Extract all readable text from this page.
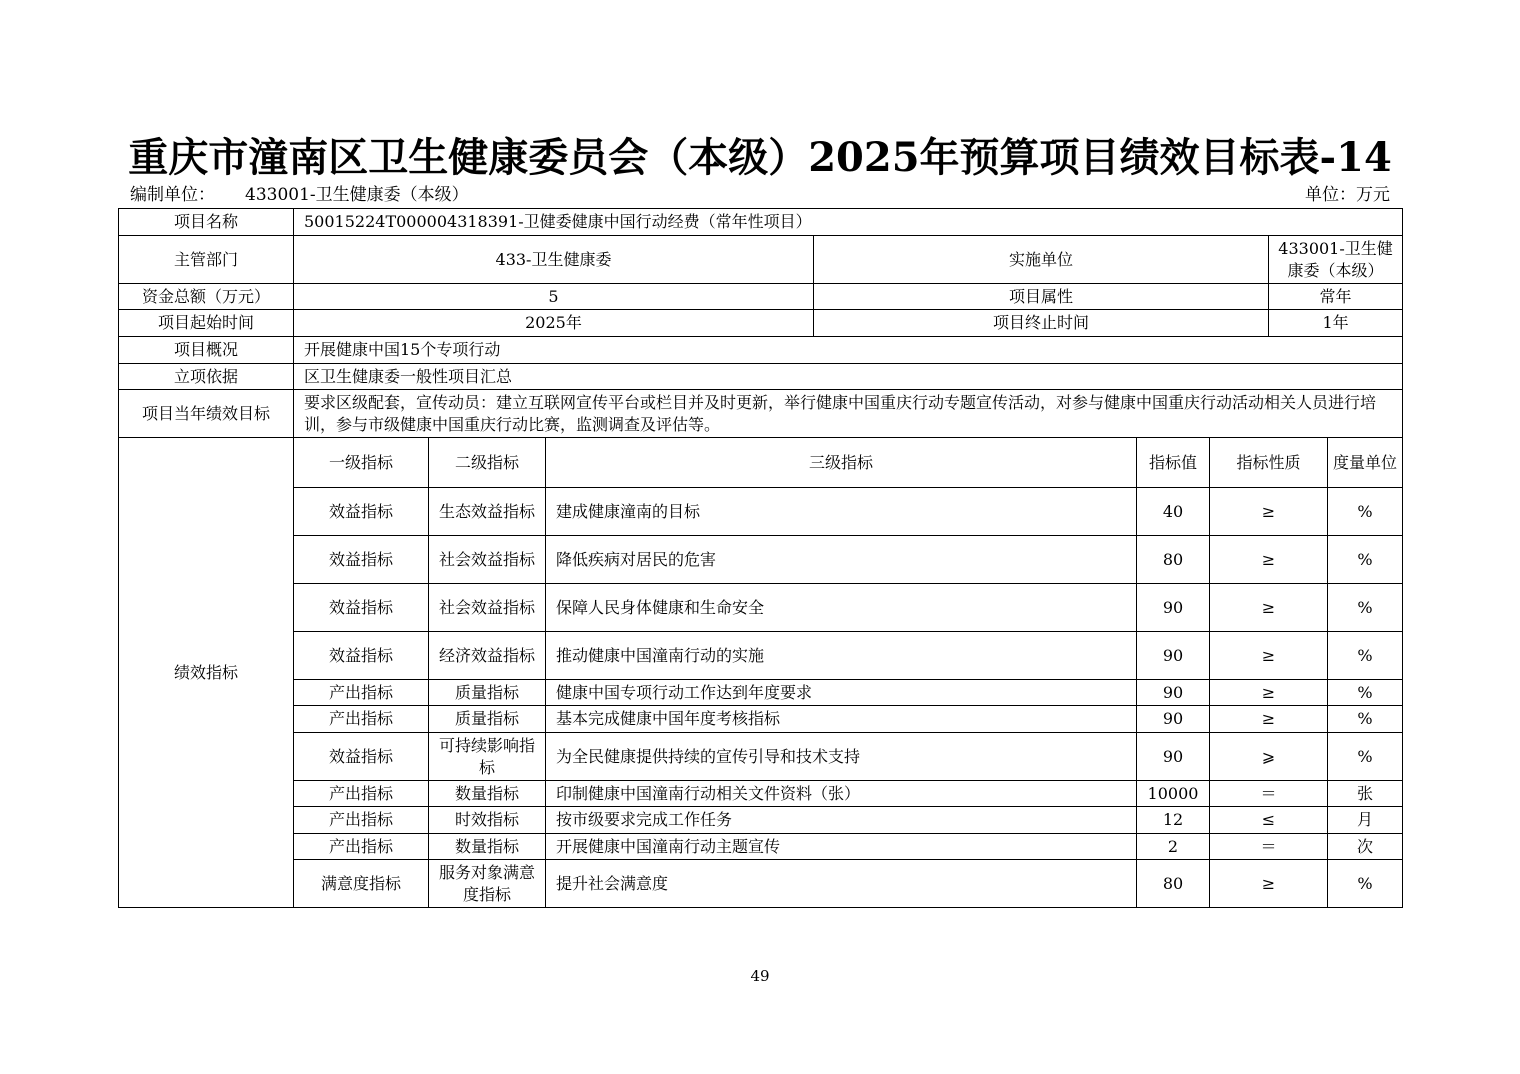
重庆市潼南区卫生健康委员会（本级）2025年预算项目绩效目标表-14
编制单位： 433001-卫生健康委（本级）	单位：万元
项目名称	50015224T000004318391-卫健委健康中国行动经费（常年性项目）							
主管部门	433-卫生健康委			实施单位			433001-卫生健康委（本级）	
资金总额（万元）	5			项目属性			常年	
项目起始时间	2025年			项目终止时间			1年	
项目概况	开展健康中国15个专项行动							
立项依据	区卫生健康委一般性项目汇总							
项目当年绩效目标	要求区级配套，宣传动员：建立互联网宣传平台或栏目并及时更新，举行健康中国重庆行动专题宣传活动，对参与健康中国重庆行动活动相关人员进行培训，参与市级健康中国重庆行动比赛，监测调查及评估等。							
绩效指标	一级指标	二级指标	三级指标		指标值	指标性质		度量单位
	效益指标	生态效益指标	建成健康潼南的目标		40	≥		%
	效益指标	社会效益指标	降低疾病对居民的危害		80	≥		%
	效益指标	社会效益指标	保障人民身体健康和生命安全		90	≥		%
	效益指标	经济效益指标	推动健康中国潼南行动的实施		90	≥		%
	产出指标	质量指标	健康中国专项行动工作达到年度要求		90	≥		%
	产出指标	质量指标	基本完成健康中国年度考核指标		90	≥		%
	效益指标	可持续影响指标	为全民健康提供持续的宣传引导和技术支持		90	⩾		%
	产出指标	数量指标	印制健康中国潼南行动相关文件资料（张）		10000	＝		张
	产出指标	时效指标	按市级要求完成工作任务		12	≤		月
	产出指标	数量指标	开展健康中国潼南行动主题宣传		2	＝		次
	满意度指标	服务对象满意度指标	提升社会满意度		80	≥		%
49
